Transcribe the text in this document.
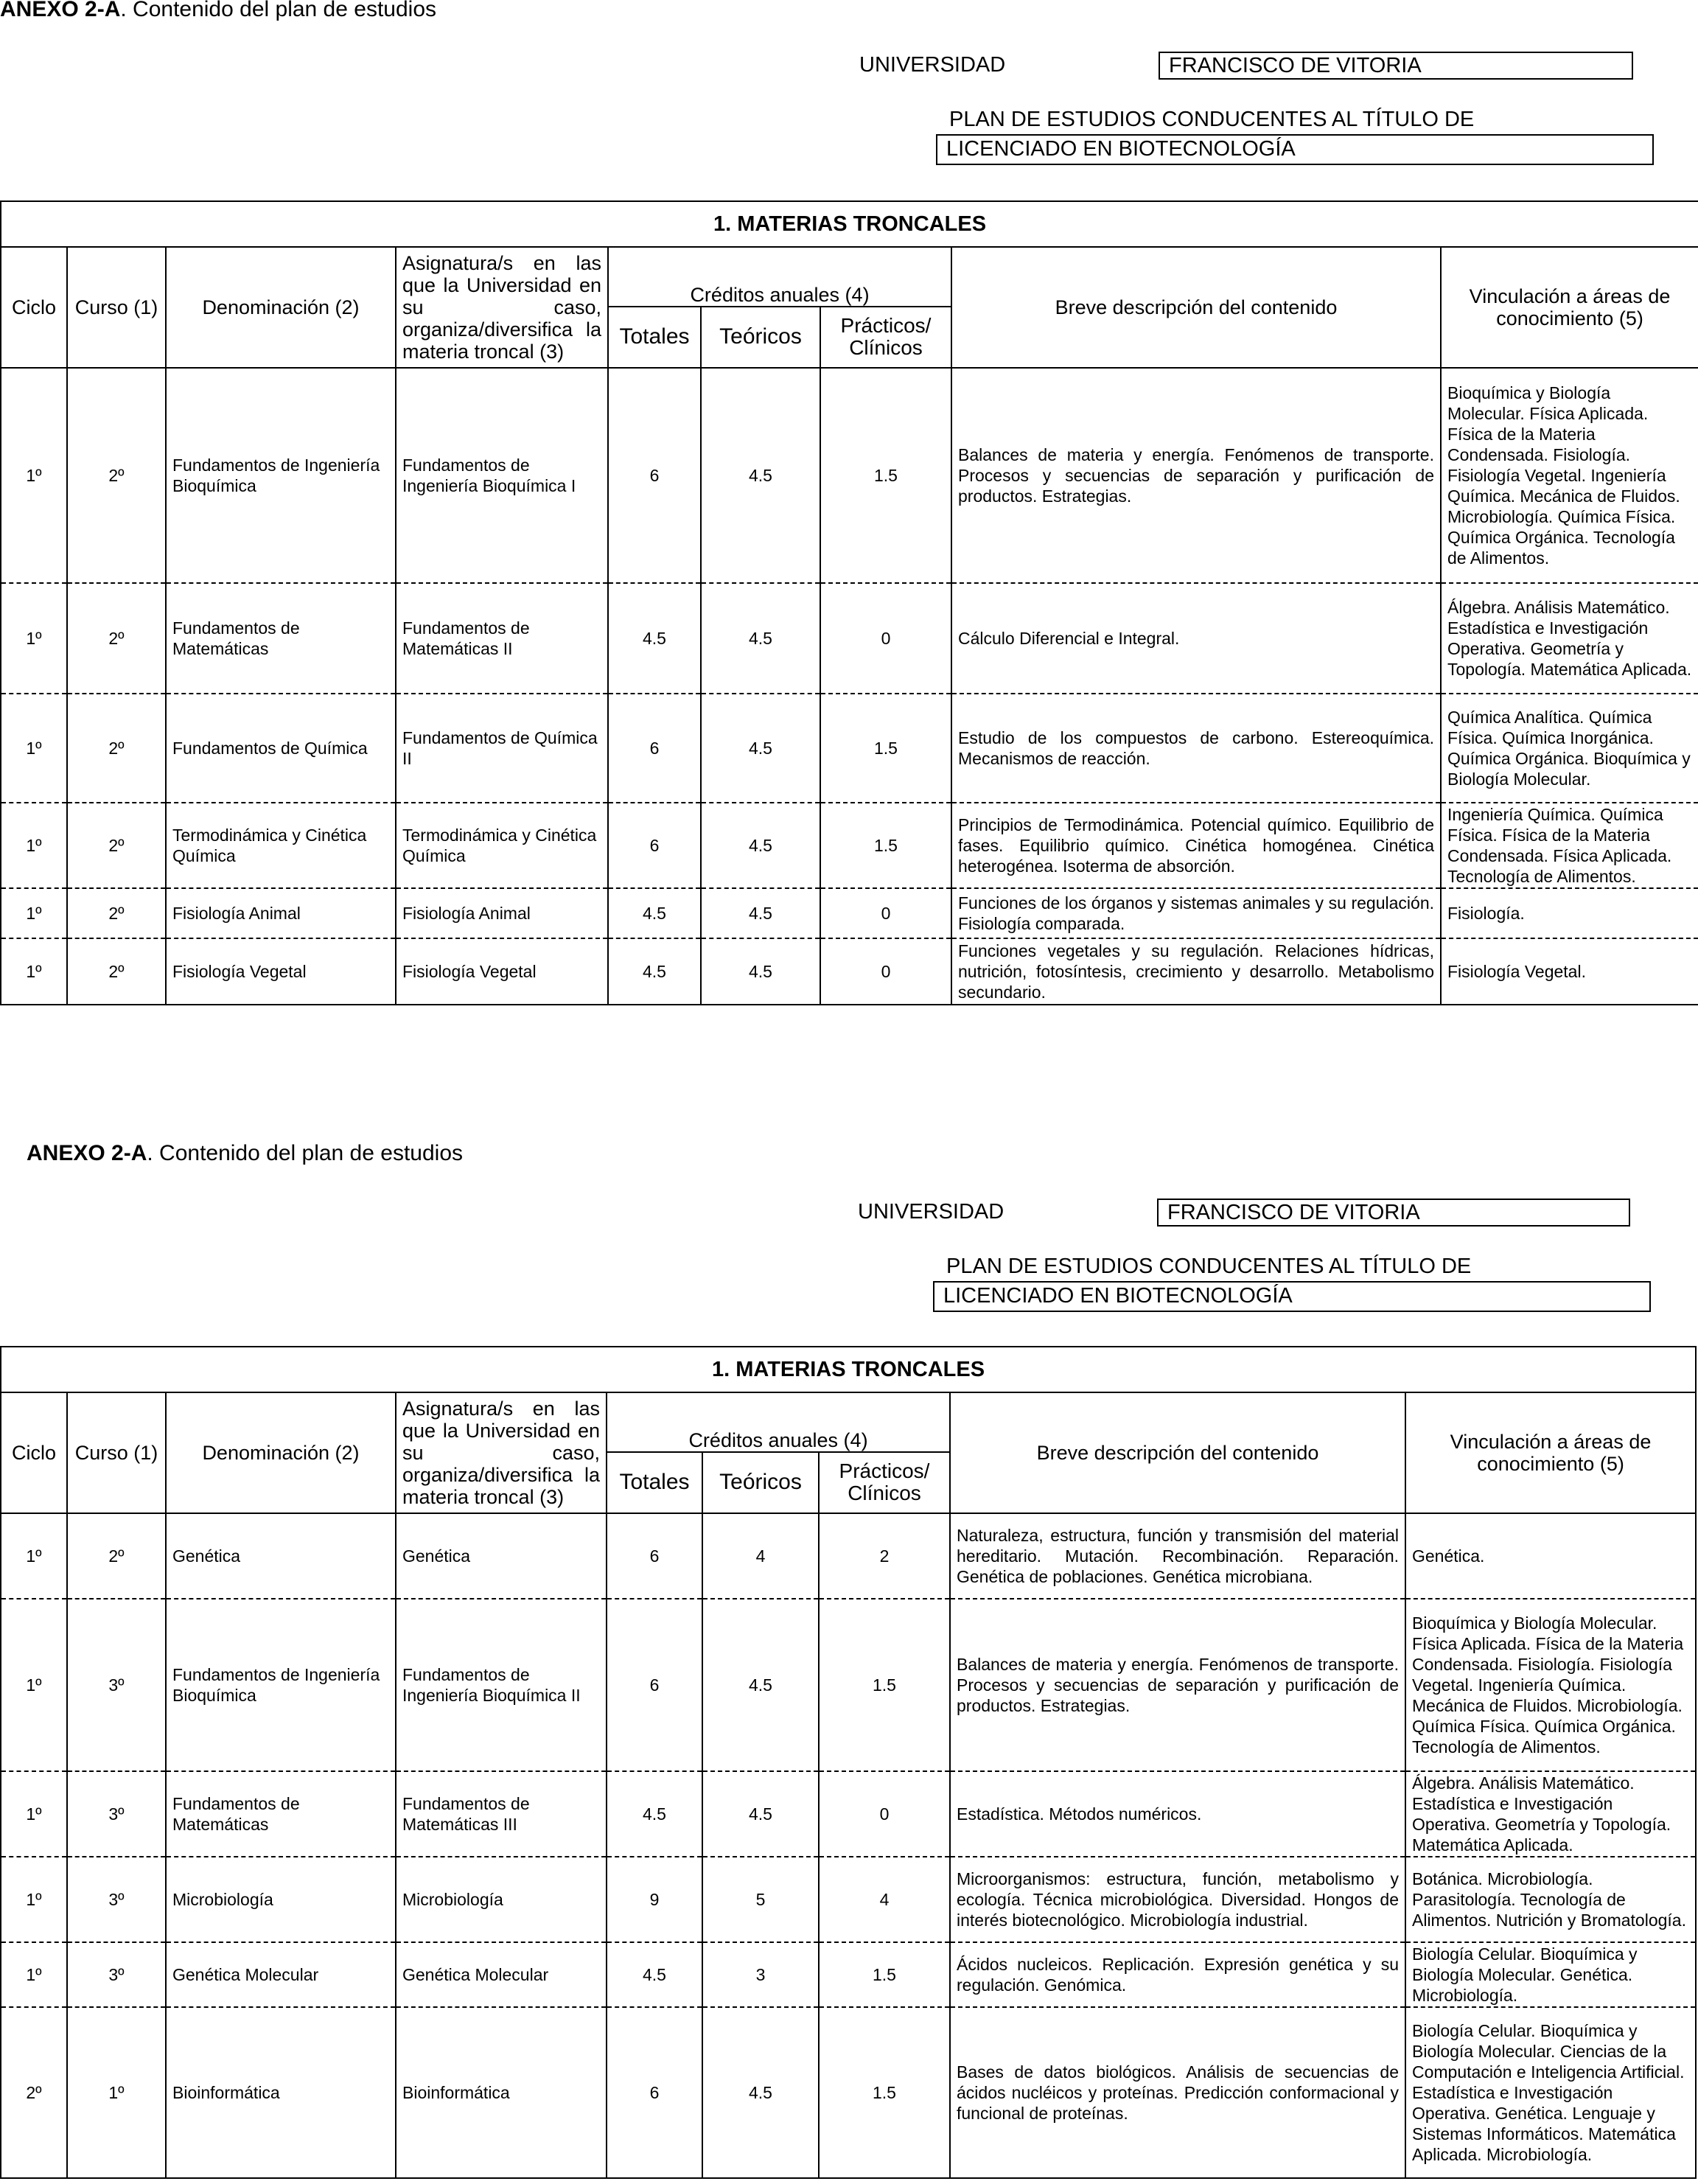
ANEXO 2-A. Contenido del plan de estudios
UNIVERSIDAD	FRANCISCO DE VITORIA
PLAN DE ESTUDIOS CONDUCENTES AL TÍTULO DE
LICENCIADO EN BIOTECNOLOGÍA
1. MATERIAS TRONCALES								
Ciclo	Curso (1)	Denominación (2)	Asignatura/s en las que la Universidad en su caso, organiza/diversifica la materia troncal (3)	Créditos anuales (4)			Breve descripción del contenido	Vinculación a áreas de conocimiento (5)
				Totales	Teóricos	Prácticos/ Clínicos		
1º	2º	Fundamentos de Ingeniería Bioquímica	Fundamentos de Ingeniería Bioquímica I	6	4.5	1.5	Balances de materia y energía. Fenómenos de transporte. Procesos y secuencias de separación y purificación de productos. Estrategias.	Bioquímica y Biología Molecular. Física Aplicada. Física de la Materia Condensada. Fisiología. Fisiología Vegetal. Ingeniería Química. Mecánica de Fluidos. Microbiología. Química Física. Química Orgánica. Tecnología de Alimentos.
1º	2º	Fundamentos de Matemáticas	Fundamentos de Matemáticas II	4.5	4.5	0	Cálculo Diferencial e Integral.	Álgebra. Análisis Matemático. Estadística e Investigación Operativa. Geometría y Topología. Matemática Aplicada.
1º	2º	Fundamentos de Química	Fundamentos de Química II	6	4.5	1.5	Estudio de los compuestos de carbono. Estereoquímica. Mecanismos de reacción.	Química Analítica. Química Física. Química Inorgánica. Química Orgánica. Bioquímica y Biología Molecular.
1º	2º	Termodinámica y Cinética Química	Termodinámica y Cinética Química	6	4.5	1.5	Principios de Termodinámica. Potencial químico. Equilibrio de fases. Equilibrio químico. Cinética homogénea. Cinética heterogénea. Isoterma de absorción.	Ingeniería Química. Química Física. Física de la Materia Condensada. Física Aplicada. Tecnología de Alimentos.
1º	2º	Fisiología Animal	Fisiología Animal	4.5	4.5	0	Funciones de los órganos y sistemas animales y su regulación. Fisiología comparada.	Fisiología.
1º	2º	Fisiología Vegetal	Fisiología Vegetal	4.5	4.5	0	Funciones vegetales y su regulación. Relaciones hídricas, nutrición, fotosíntesis, crecimiento y desarrollo. Metabolismo secundario.	Fisiología Vegetal.
ANEXO 2-A. Contenido del plan de estudios
UNIVERSIDAD	FRANCISCO DE VITORIA
PLAN DE ESTUDIOS CONDUCENTES AL TÍTULO DE
LICENCIADO EN BIOTECNOLOGÍA
1. MATERIAS TRONCALES								
Ciclo	Curso (1)	Denominación (2)	Asignatura/s en las que la Universidad en su caso, organiza/diversifica la materia troncal (3)	Créditos anuales (4)			Breve descripción del contenido	Vinculación a áreas de conocimiento (5)
				Totales	Teóricos	Prácticos/ Clínicos		
1º	2º	Genética	Genética	6	4	2	Naturaleza, estructura, función y transmisión del material hereditario. Mutación. Recombinación. Reparación. Genética de poblaciones. Genética microbiana.	Genética.
1º	3º	Fundamentos de Ingeniería Bioquímica	Fundamentos de Ingeniería Bioquímica II	6	4.5	1.5	Balances de materia y energía. Fenómenos de transporte. Procesos y secuencias de separación y purificación de productos. Estrategias.	Bioquímica y Biología Molecular. Física Aplicada. Física de la Materia Condensada. Fisiología. Fisiología Vegetal. Ingeniería Química. Mecánica de Fluidos. Microbiología. Química Física. Química Orgánica. Tecnología de Alimentos.
1º	3º	Fundamentos de Matemáticas	Fundamentos de Matemáticas III	4.5	4.5	0	Estadística. Métodos numéricos.	Álgebra. Análisis Matemático. Estadística e Investigación Operativa. Geometría y Topología. Matemática Aplicada.
1º	3º	Microbiología	Microbiología	9	5	4	Microorganismos: estructura, función, metabolismo y ecología. Técnica microbiológica. Diversidad. Hongos de interés biotecnológico. Microbiología industrial.	Botánica. Microbiología. Parasitología. Tecnología de Alimentos. Nutrición y Bromatología.
1º	3º	Genética Molecular	Genética Molecular	4.5	3	1.5	Ácidos nucleicos. Replicación. Expresión genética y su regulación. Genómica.	Biología Celular. Bioquímica y Biología Molecular. Genética. Microbiología.
2º	1º	Bioinformática	Bioinformática	6	4.5	1.5	Bases de datos biológicos. Análisis de secuencias de ácidos nucléicos y proteínas. Predicción conformacional y funcional de proteínas.	Biología Celular. Bioquímica y Biología Molecular. Ciencias de la Computación e Inteligencia Artificial. Estadística e Investigación Operativa. Genética. Lenguaje y Sistemas Informáticos. Matemática Aplicada. Microbiología.
